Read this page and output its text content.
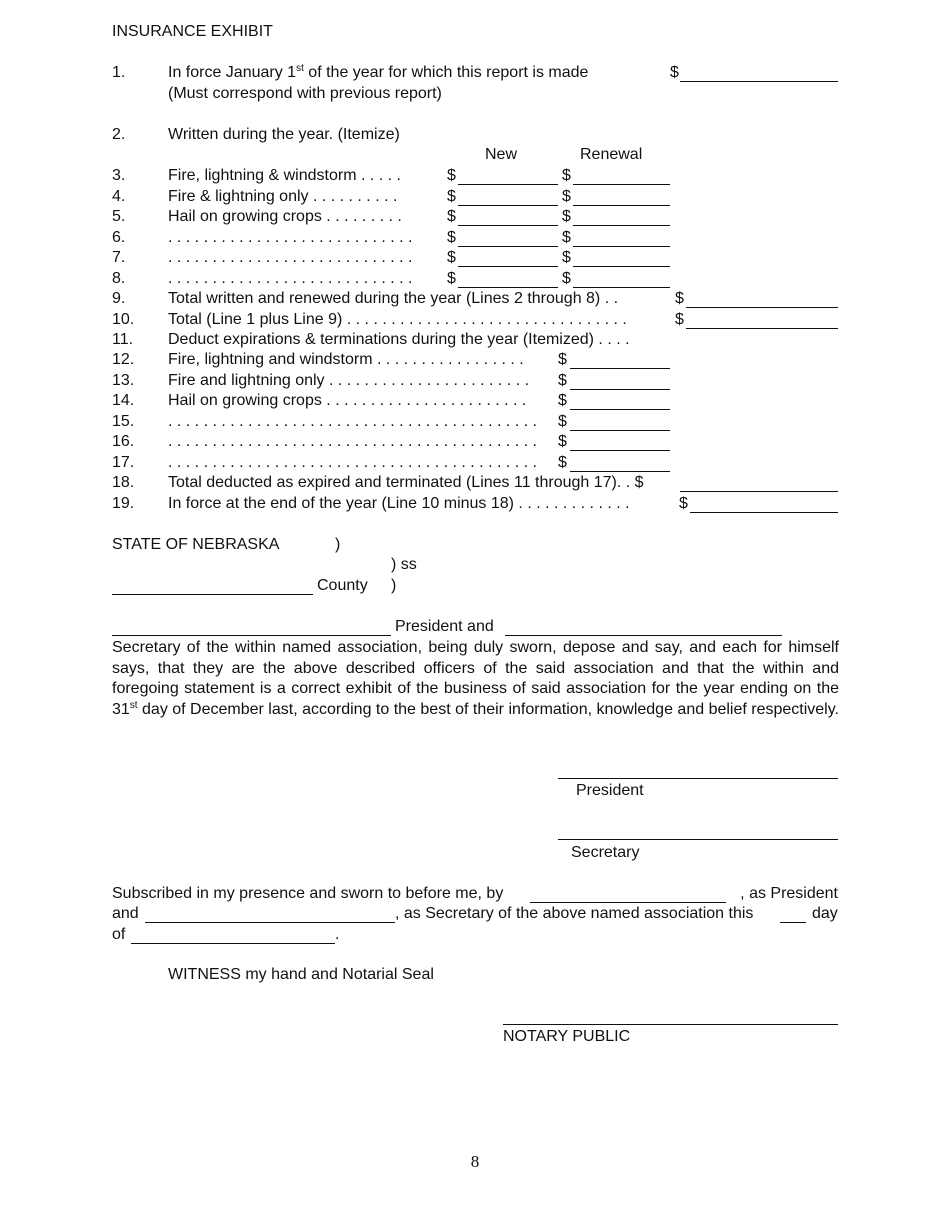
INSURANCE EXHIBIT
1.	In force January 1st of the year for which this report is made	$
(Must correspond with previous report)
2.	Written during the year. (Itemize)
New	Renewal
3.	Fire, lightning & windstorm . . . . .	$	$
4.	Fire & lightning only . . . . . . . . . .	$	$
5.	Hail on growing crops . . . . . . . . .	$	$
6.	. . . . . . . . . . . . . . . . . . . . . . . . . . . . $	$
7.	. . . . . . . . . . . . . . . . . . . . . . . . . . . . $	$
8.	. . . . . . . . . . . . . . . . . . . . . . . . . . . . $	$
9.	Total written and renewed during the year (Lines 2 through 8) . .	$
10. Total (Line 1 plus Line 9) . . . . . . . . . . . . . . . . . . . . . . . . . . . . . . . .	$
11. Deduct expirations & terminations during the year (Itemized) . . . .
12. Fire, lightning and windstorm . . . . . . . . . . . . . . . . . $
13. Fire and lightning only . . . . . . . . . . . . . . . . . . . . . . . $
14. Hail on growing crops . . . . . . . . . . . . . . . . . . . . . . . $
15. . . . . . . . . . . . . . . . . . . . . . . . . . . . . . . . . . . . . . . . . . . $
16. . . . . . . . . . . . . . . . . . . . . . . . . . . . . . . . . . . . . . . . . . . $
17. . . . . . . . . . . . . . . . . . . . . . . . . . . . . . . . . . . . . . . . . . . $
18. Total deducted as expired and terminated (Lines 11 through 17). . $
19. In force at the end of the year (Line 10 minus 18) . . . . . . . . . . . . .	$
STATE OF NEBRASKA	)
) ss
County )
President and
Secretary of the within named association, being duly sworn, depose and say, and each for himself says, that they are the above described officers of the said association and that the within and foregoing statement is a correct exhibit of the business of said association for the year ending on the 31st day of December last, according to the best of their information, knowledge and belief respectively.
President
Secretary
Subscribed in my presence and sworn to before me, by	, as President
and	, as Secretary of the above named association this	day
of	.
WITNESS my hand and Notarial Seal
NOTARY PUBLIC
8
